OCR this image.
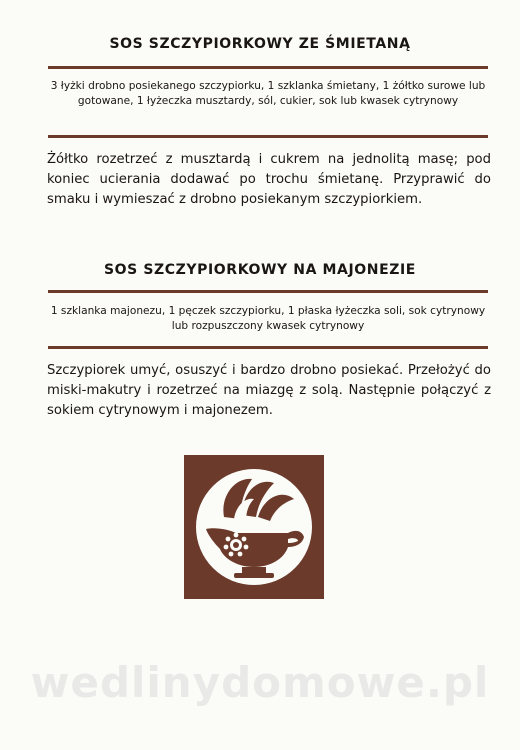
SOS SZCZYPIORKOWY ZE ŚMIETANĄ
3 łyżki drobno posiekanego szczypiorku, 1 szklanka śmietany, 1 żółtko surowe lub gotowane, 1 łyżeczka musztardy, sól, cukier, sok lub kwasek cytrynowy
Żółtko rozetrzeć z musztardą i cukrem na jednolitą masę; pod koniec ucierania dodawać po trochu śmietanę. Przyprawić do smaku i wymieszać z drobno posiekanym szczypiorkiem.
SOS SZCZYPIORKOWY NA MAJONEZIE
1 szklanka majonezu, 1 pęczek szczypiorku, 1 płaska łyżeczka soli, sok cytrynowy lub rozpuszczony kwasek cytrynowy
Szczypiorek umyć, osuszyć i bardzo drobno posiekać. Przełożyć do miski-makutry i rozetrzeć na miazgę z solą. Następnie połączyć z sokiem cytrynowym i majonezem.
wedlinydomowe.pl
